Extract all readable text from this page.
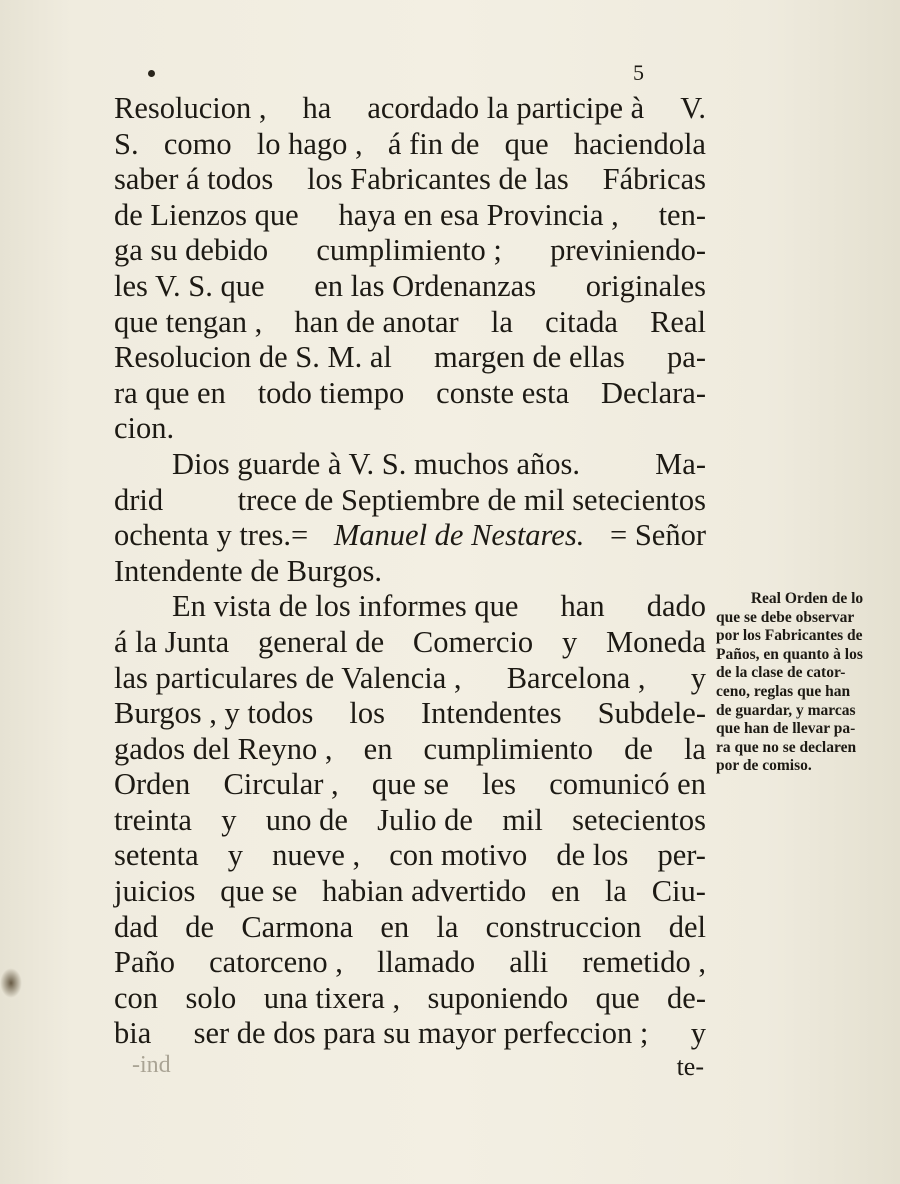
5
Resolucion , ha acordado la participe à V.
S. como lo hago , á fin de que haciendola
saber á todos los Fabricantes de las Fábricas
de Lienzos que haya en esa Provincia , ten-
ga su debido cumplimiento ; previniendo-
les V. S. que en las Ordenanzas originales
que tengan , han de anotar la citada Real
Resolucion de S. M. al margen de ellas pa-
ra que en todo tiempo conste esta Declara-
cion.
Dios guarde à V. S. muchos años. Ma-
drid trece de Septiembre de mil setecientos
ochenta y tres.= Manuel de Nestares. = Señor
Intendente de Burgos.
En vista de los informes que han dado
á la Junta general de Comercio y Moneda
las particulares de Valencia , Barcelona , y
Burgos , y todos los Intendentes Subdele-
gados del Reyno , en cumplimiento de la
Orden Circular , que se les comunicó en
treinta y uno de Julio de mil setecientos
setenta y nueve , con motivo de los per-
juicios que se habian advertido en la Ciu-
dad de Carmona en la construccion del
Paño catorceno , llamado alli remetido ,
con solo una tixera , suponiendo que de-
bia ser de dos para su mayor perfeccion ; y
-ind	te-
Real Orden de lo
que se debe observar
por los Fabricantes de
Paños, en quanto à los
de la clase de cator-
ceno, reglas que han
de guardar, y marcas
que han de llevar pa-
ra que no se declaren
por de comiso.
